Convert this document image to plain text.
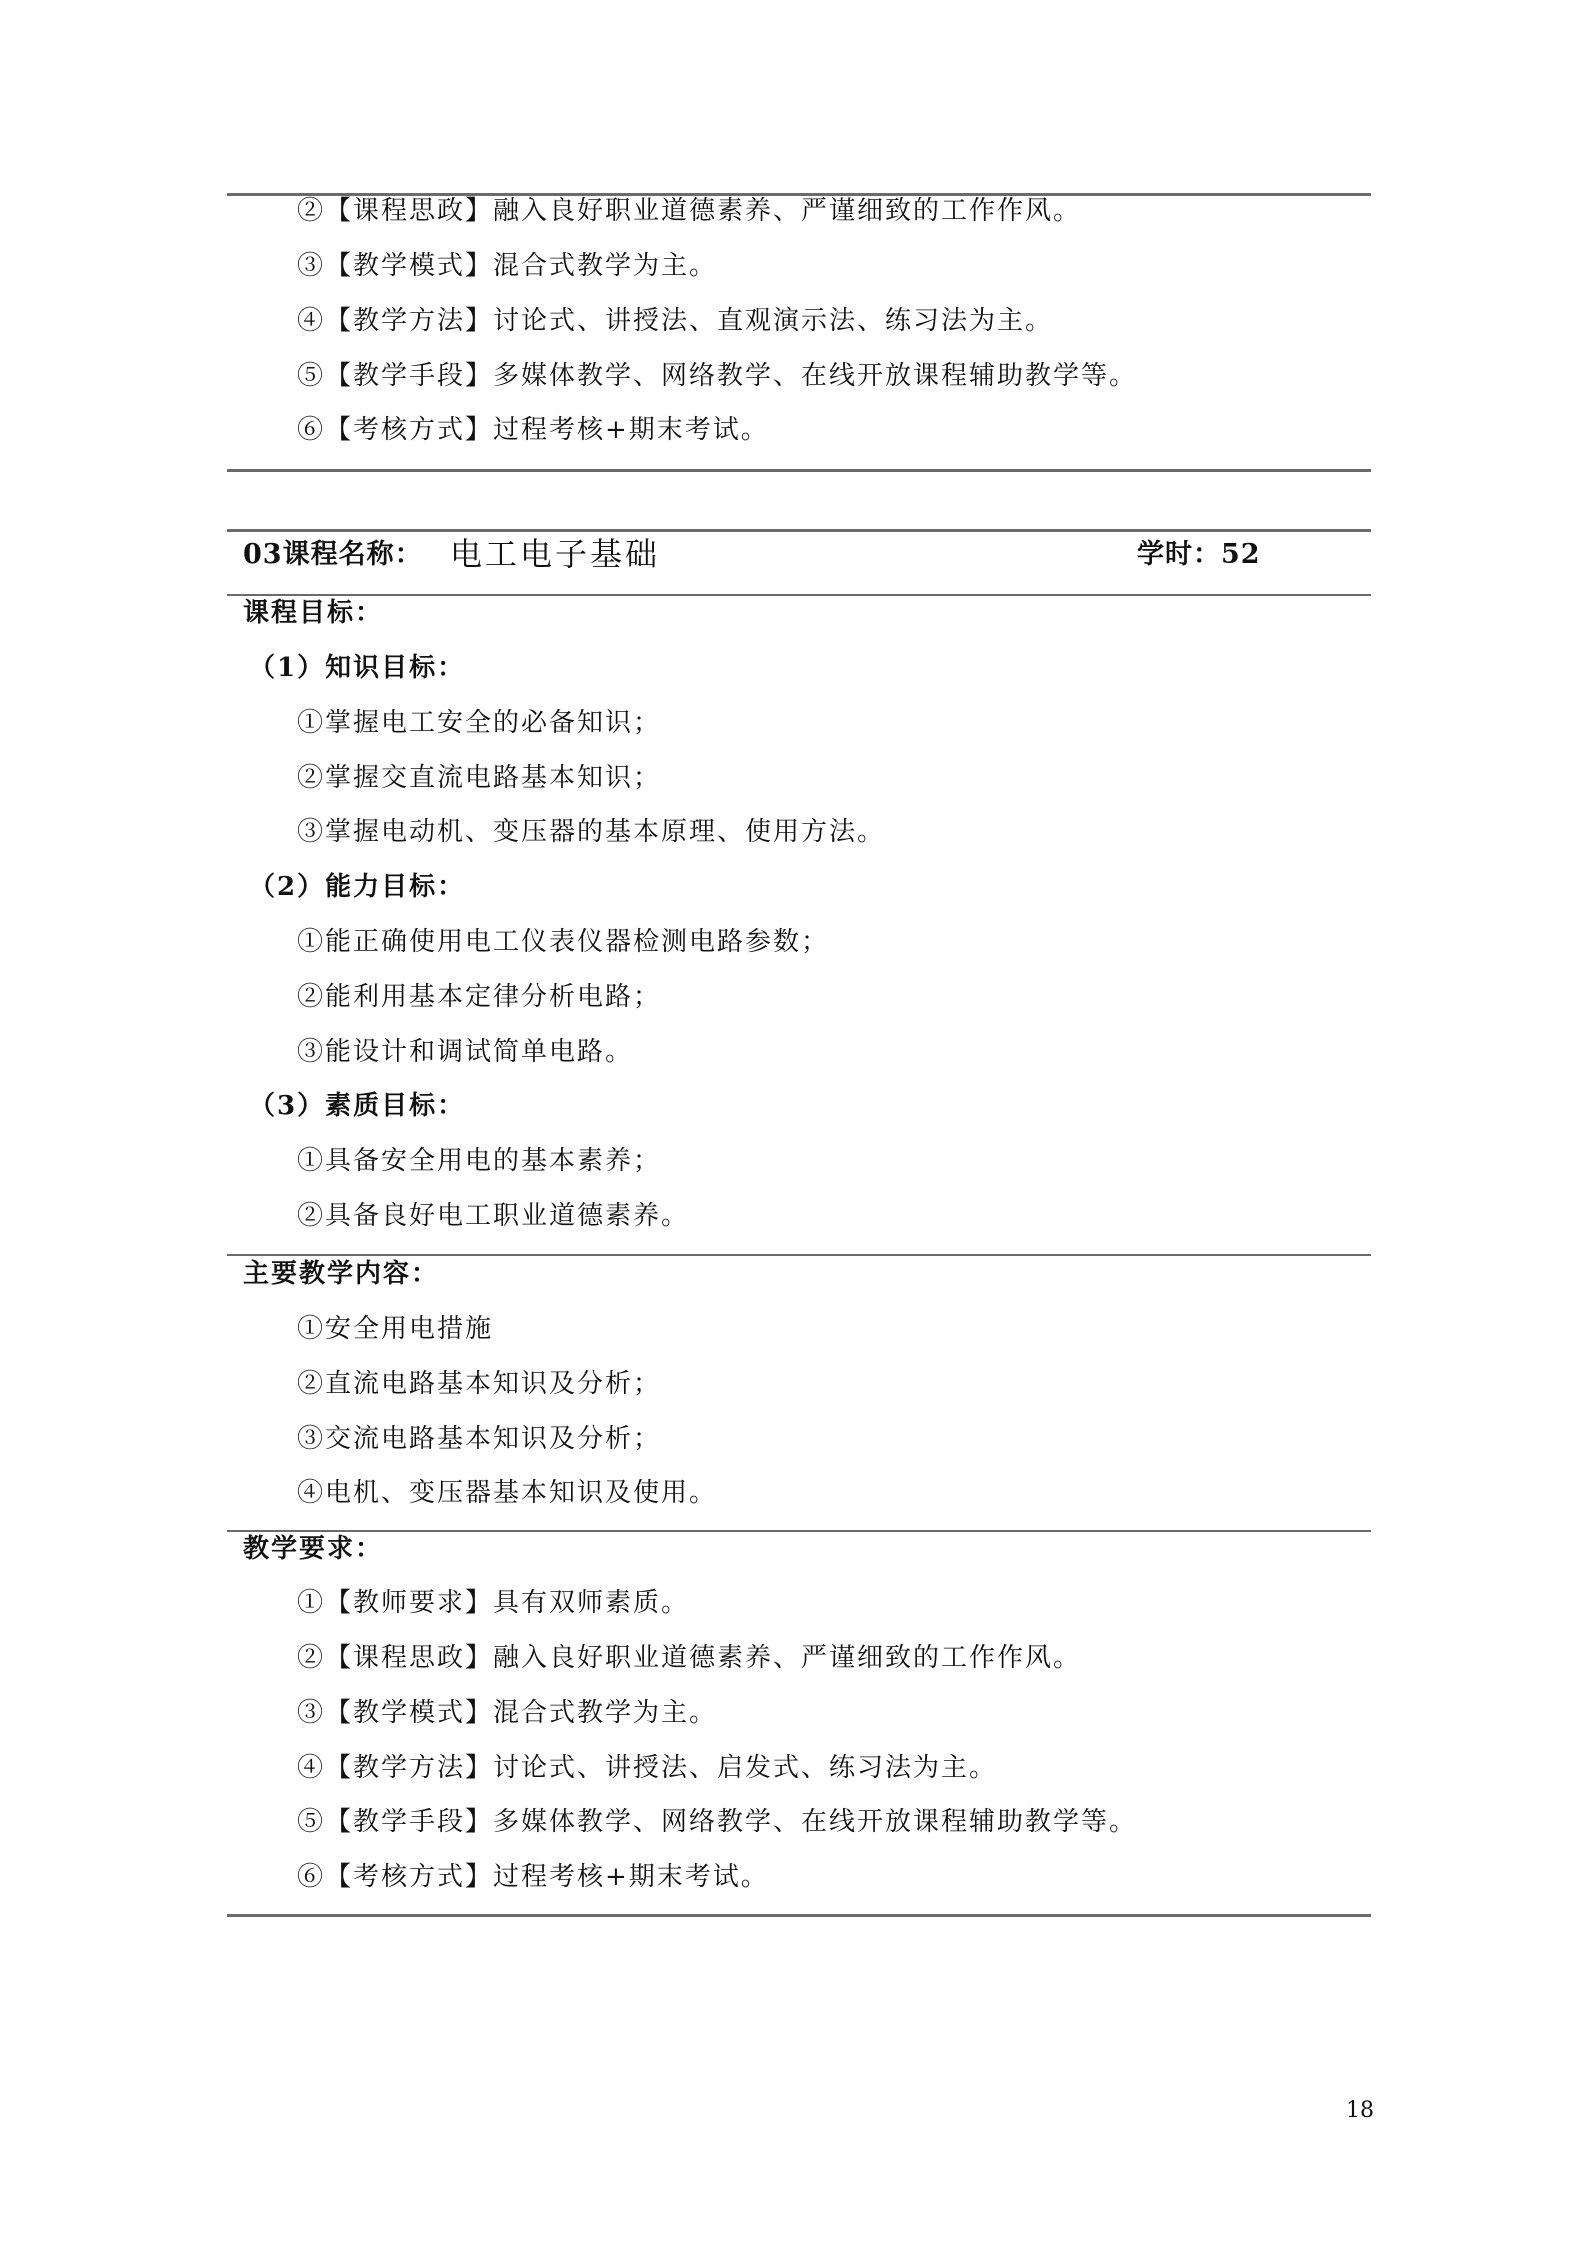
②【课程思政】融入良好职业道德素养、严谨细致的工作作风。
③【教学模式】混合式教学为主。
④【教学方法】讨论式、讲授法、直观演示法、练习法为主。
⑤【教学手段】多媒体教学、网络教学、在线开放课程辅助教学等。
⑥【考核方式】过程考核+期末考试。
03课程名称： 电工电子基础	学时：52
课程目标：
（1）知识目标：
①掌握电工安全的必备知识；
②掌握交直流电路基本知识；
③掌握电动机、变压器的基本原理、使用方法。
（2）能力目标：
①能正确使用电工仪表仪器检测电路参数；
②能利用基本定律分析电路；
③能设计和调试简单电路。
（3）素质目标：
①具备安全用电的基本素养；
②具备良好电工职业道德素养。
主要教学内容：
①安全用电措施
②直流电路基本知识及分析；
③交流电路基本知识及分析；
④电机、变压器基本知识及使用。
教学要求：
①【教师要求】具有双师素质。
②【课程思政】融入良好职业道德素养、严谨细致的工作作风。
③【教学模式】混合式教学为主。
④【教学方法】讨论式、讲授法、启发式、练习法为主。
⑤【教学手段】多媒体教学、网络教学、在线开放课程辅助教学等。
⑥【考核方式】过程考核+期末考试。
18
